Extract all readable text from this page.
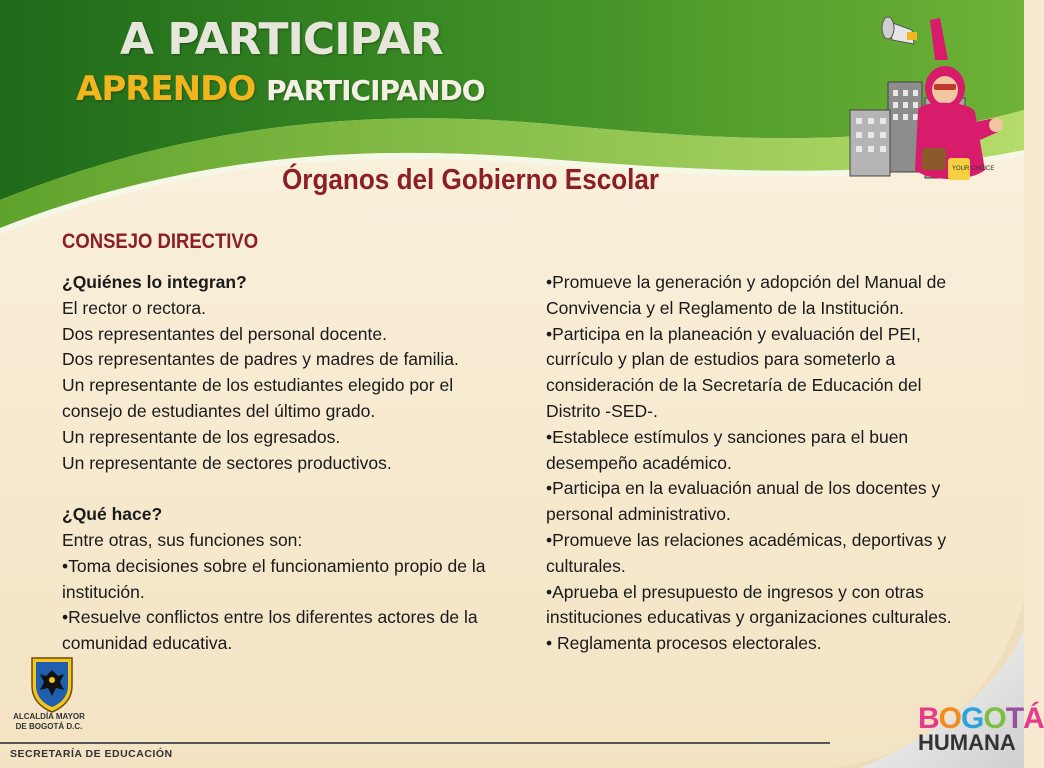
YOUR CHOICE
A PARTICIPAR
APRENDO PARTICIPANDO
Órganos del Gobierno Escolar
CONSEJO DIRECTIVO

¿Quiénes lo integran?

El rector o rectora.

Dos representantes del personal docente.

Dos representantes de padres y madres de familia.

Un representante de los estudiantes elegido por el consejo de estudiantes del último grado.

Un representante de los egresados.

Un representante de sectores productivos.

¿Qué hace?

Entre otras, sus funciones son:

•Toma decisiones sobre el funcionamiento propio de la institución.

•Resuelve conflictos entre los diferentes actores de la comunidad educativa.

•Promueve la generación y adopción del Manual de Convivencia y el Reglamento de la Institución.

•Participa en la planeación y evaluación del PEI, currículo y plan de estudios para someterlo a consideración de la Secretaría de Educación del Distrito -SED-.

•Establece estímulos y sanciones para el buen desempeño académico.

•Participa en la evaluación anual de los docentes y personal administrativo.

•Promueve las relaciones académicas, deportivas y culturales.

•Aprueba el presupuesto de ingresos y con otras instituciones educativas y organizaciones culturales.

• Reglamenta procesos electorales.

ALCALDÍA MAYOR
DE BOGOTÁ D.C.
SECRETARÍA DE EDUCACIÓN
BOGOTÁ
HUMANA
